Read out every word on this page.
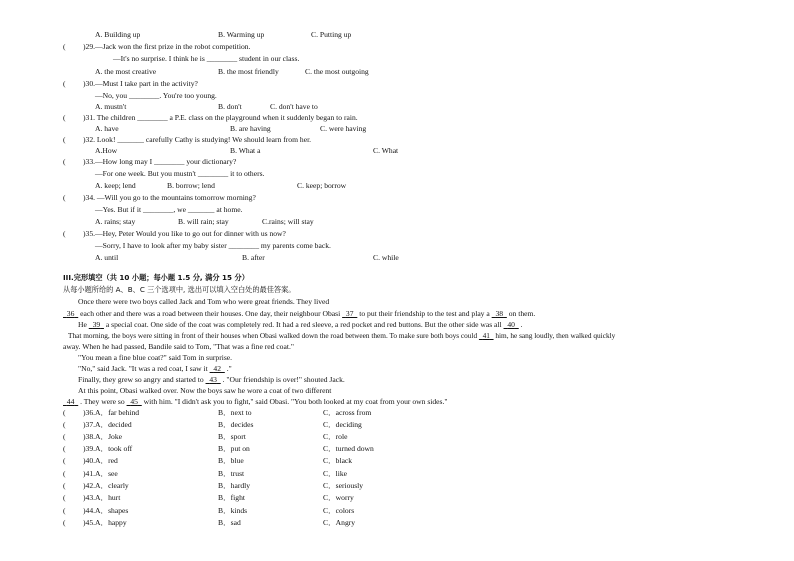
A. Building up	B. Warming up	C. Putting up
( )29.—Jack won the first prize in the robot competition.
—It's no surprise. I think he is ________ student in our class.
A. the most creative	B. the most friendly	C. the most outgoing
( )30.—Must I take part in the activity?
—No, you ________. You're too young.
A. mustn't	B. don't	C. don't have to
( )31. The children ________ a P.E. class on the playground when it suddenly began to rain.
A. have	B. are having	C. were having
( )32. Look! _______ carefully Cathy is studying! We should learn from her.
A.How	B. What a	C. What
( )33.—How long may I ________ your dictionary?
—For one week. But you mustn't ________ it to others.
A. keep; lend	B. borrow; lend	C. keep; borrow
( )34. —Will you go to the mountains tomorrow morning?
—Yes. But if it ________, we _______ at home.
A. rains; stay	B. will rain; stay	C.rains; will stay
( )35.—Hey, Peter Would you like to go out for dinner with us now?
—Sorry, I have to look after my baby sister ________ my parents come back.
A. until	B. after	C. while
III.完形填空（共 10 小题；每小题 1.5 分, 满分 15 分）
从每小题所给的 A、B、C 三个选项中, 选出可以填入空白处的最佳答案。
Once there were two boys called Jack and Tom who were great friends. They lived
36   each other and there was a road between their houses. One day, their neighbour Obasi   37   to put their friendship to the test and play a   38   on them.
He   39   a special coat. One side of the coat was completely red. It had a red sleeve, a red pocket and red buttons. But the other side was all   40   .
That morning, the boys were sitting in front of their houses when Obasi walked down the road between them. To make sure both boys could   41   him, he sang loudly, then walked quickly
away. When he had passed, Bandile said to Tom, "That was a fine red coat."
"You mean a fine blue coat?" said Tom in surprise.
"No," said Jack. "It was a red coat, I saw it   42   ."
Finally, they grew so angry and started to   43   . "Our friendship is over!" shouted Jack.
At this point, Obasi walked over. Now the boys saw he wore a coat of two different
44   . They were so   45   with him. "I didn't ask you to fight," said Obasi. "You both looked at my coat from your own sides."
( )36. A．far behind	B．next to	C．across from
( )37. A．decided	B．decides	C．deciding
( )38. A．Joke	B．sport	C．role
( )39. A．took off	B．put on	C．turned down
( )40. A．red	B．blue	C．black
( )41. A．see	B．trust	C．like
( )42. A．clearly	B．hardly	C．seriously
( )43. A．hurt	B．fight	C．worry
( )44. A．shapes	B．kinds	C．colors
( )45. A．happy	B．sad	C．Angry
